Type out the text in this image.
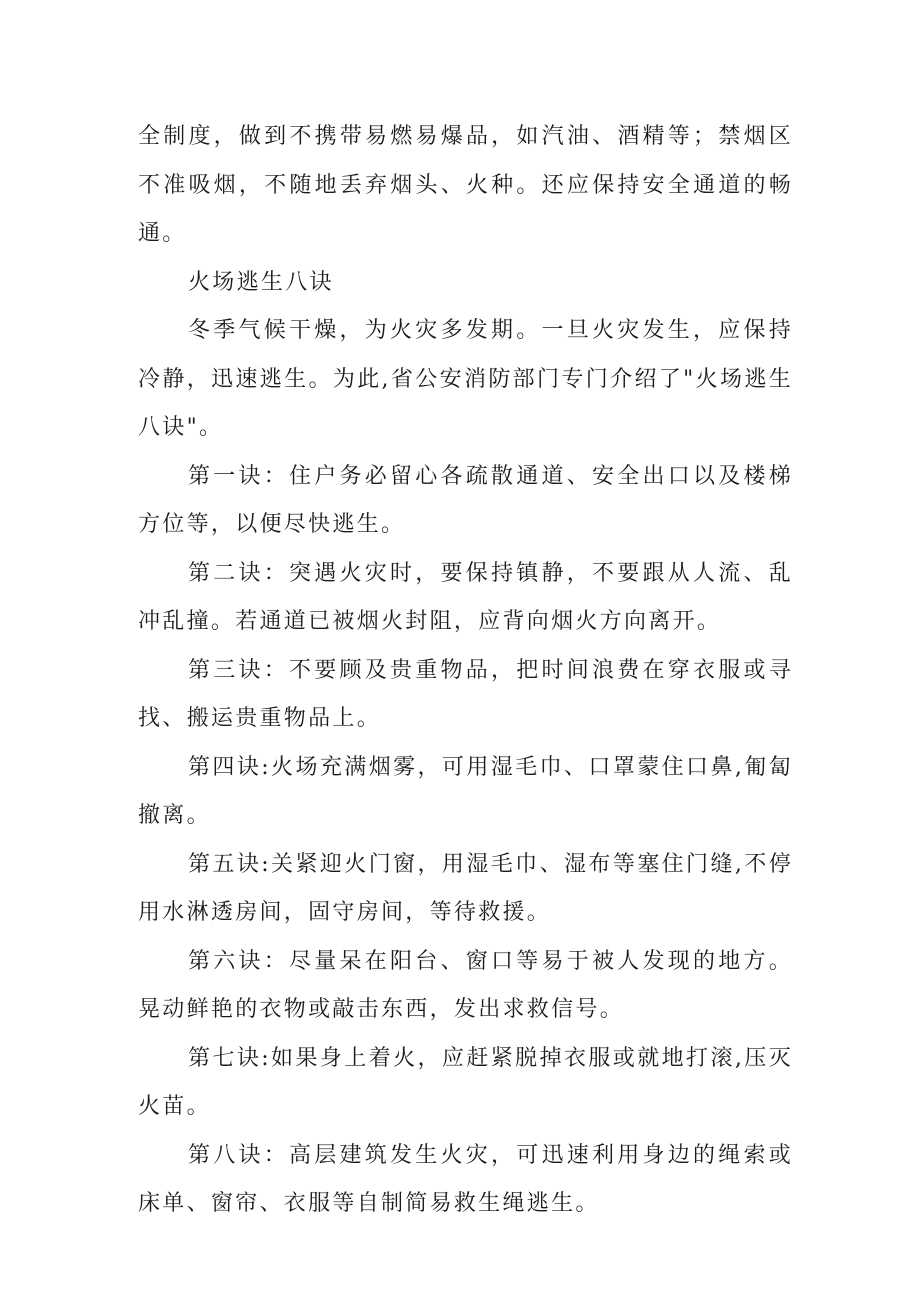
全制度，做到不携带易燃易爆品，如汽油、酒精等；禁烟区不准吸烟，不随地丢弃烟头、火种。还应保持安全通道的畅通。

火场逃生八诀

冬季气候干燥，为火灾多发期。一旦火灾发生，应保持冷静，迅速逃生。为此,省公安消防部门专门介绍了"火场逃生八诀"。

第一诀：住户务必留心各疏散通道、安全出口以及楼梯方位等，以便尽快逃生。

第二诀：突遇火灾时，要保持镇静，不要跟从人流、乱冲乱撞。若通道已被烟火封阻，应背向烟火方向离开。

第三诀：不要顾及贵重物品，把时间浪费在穿衣服或寻找、搬运贵重物品上。

第四诀:火场充满烟雾，可用湿毛巾、口罩蒙住口鼻,匍匐撤离。

第五诀:关紧迎火门窗，用湿毛巾、湿布等塞住门缝,不停用水淋透房间，固守房间，等待救援。

第六诀：尽量呆在阳台、窗口等易于被人发现的地方。晃动鲜艳的衣物或敲击东西，发出求救信号。

第七诀:如果身上着火，应赶紧脱掉衣服或就地打滚,压灭火苗。

第八诀：高层建筑发生火灾，可迅速利用身边的绳索或床单、窗帘、衣服等自制简易救生绳逃生。
